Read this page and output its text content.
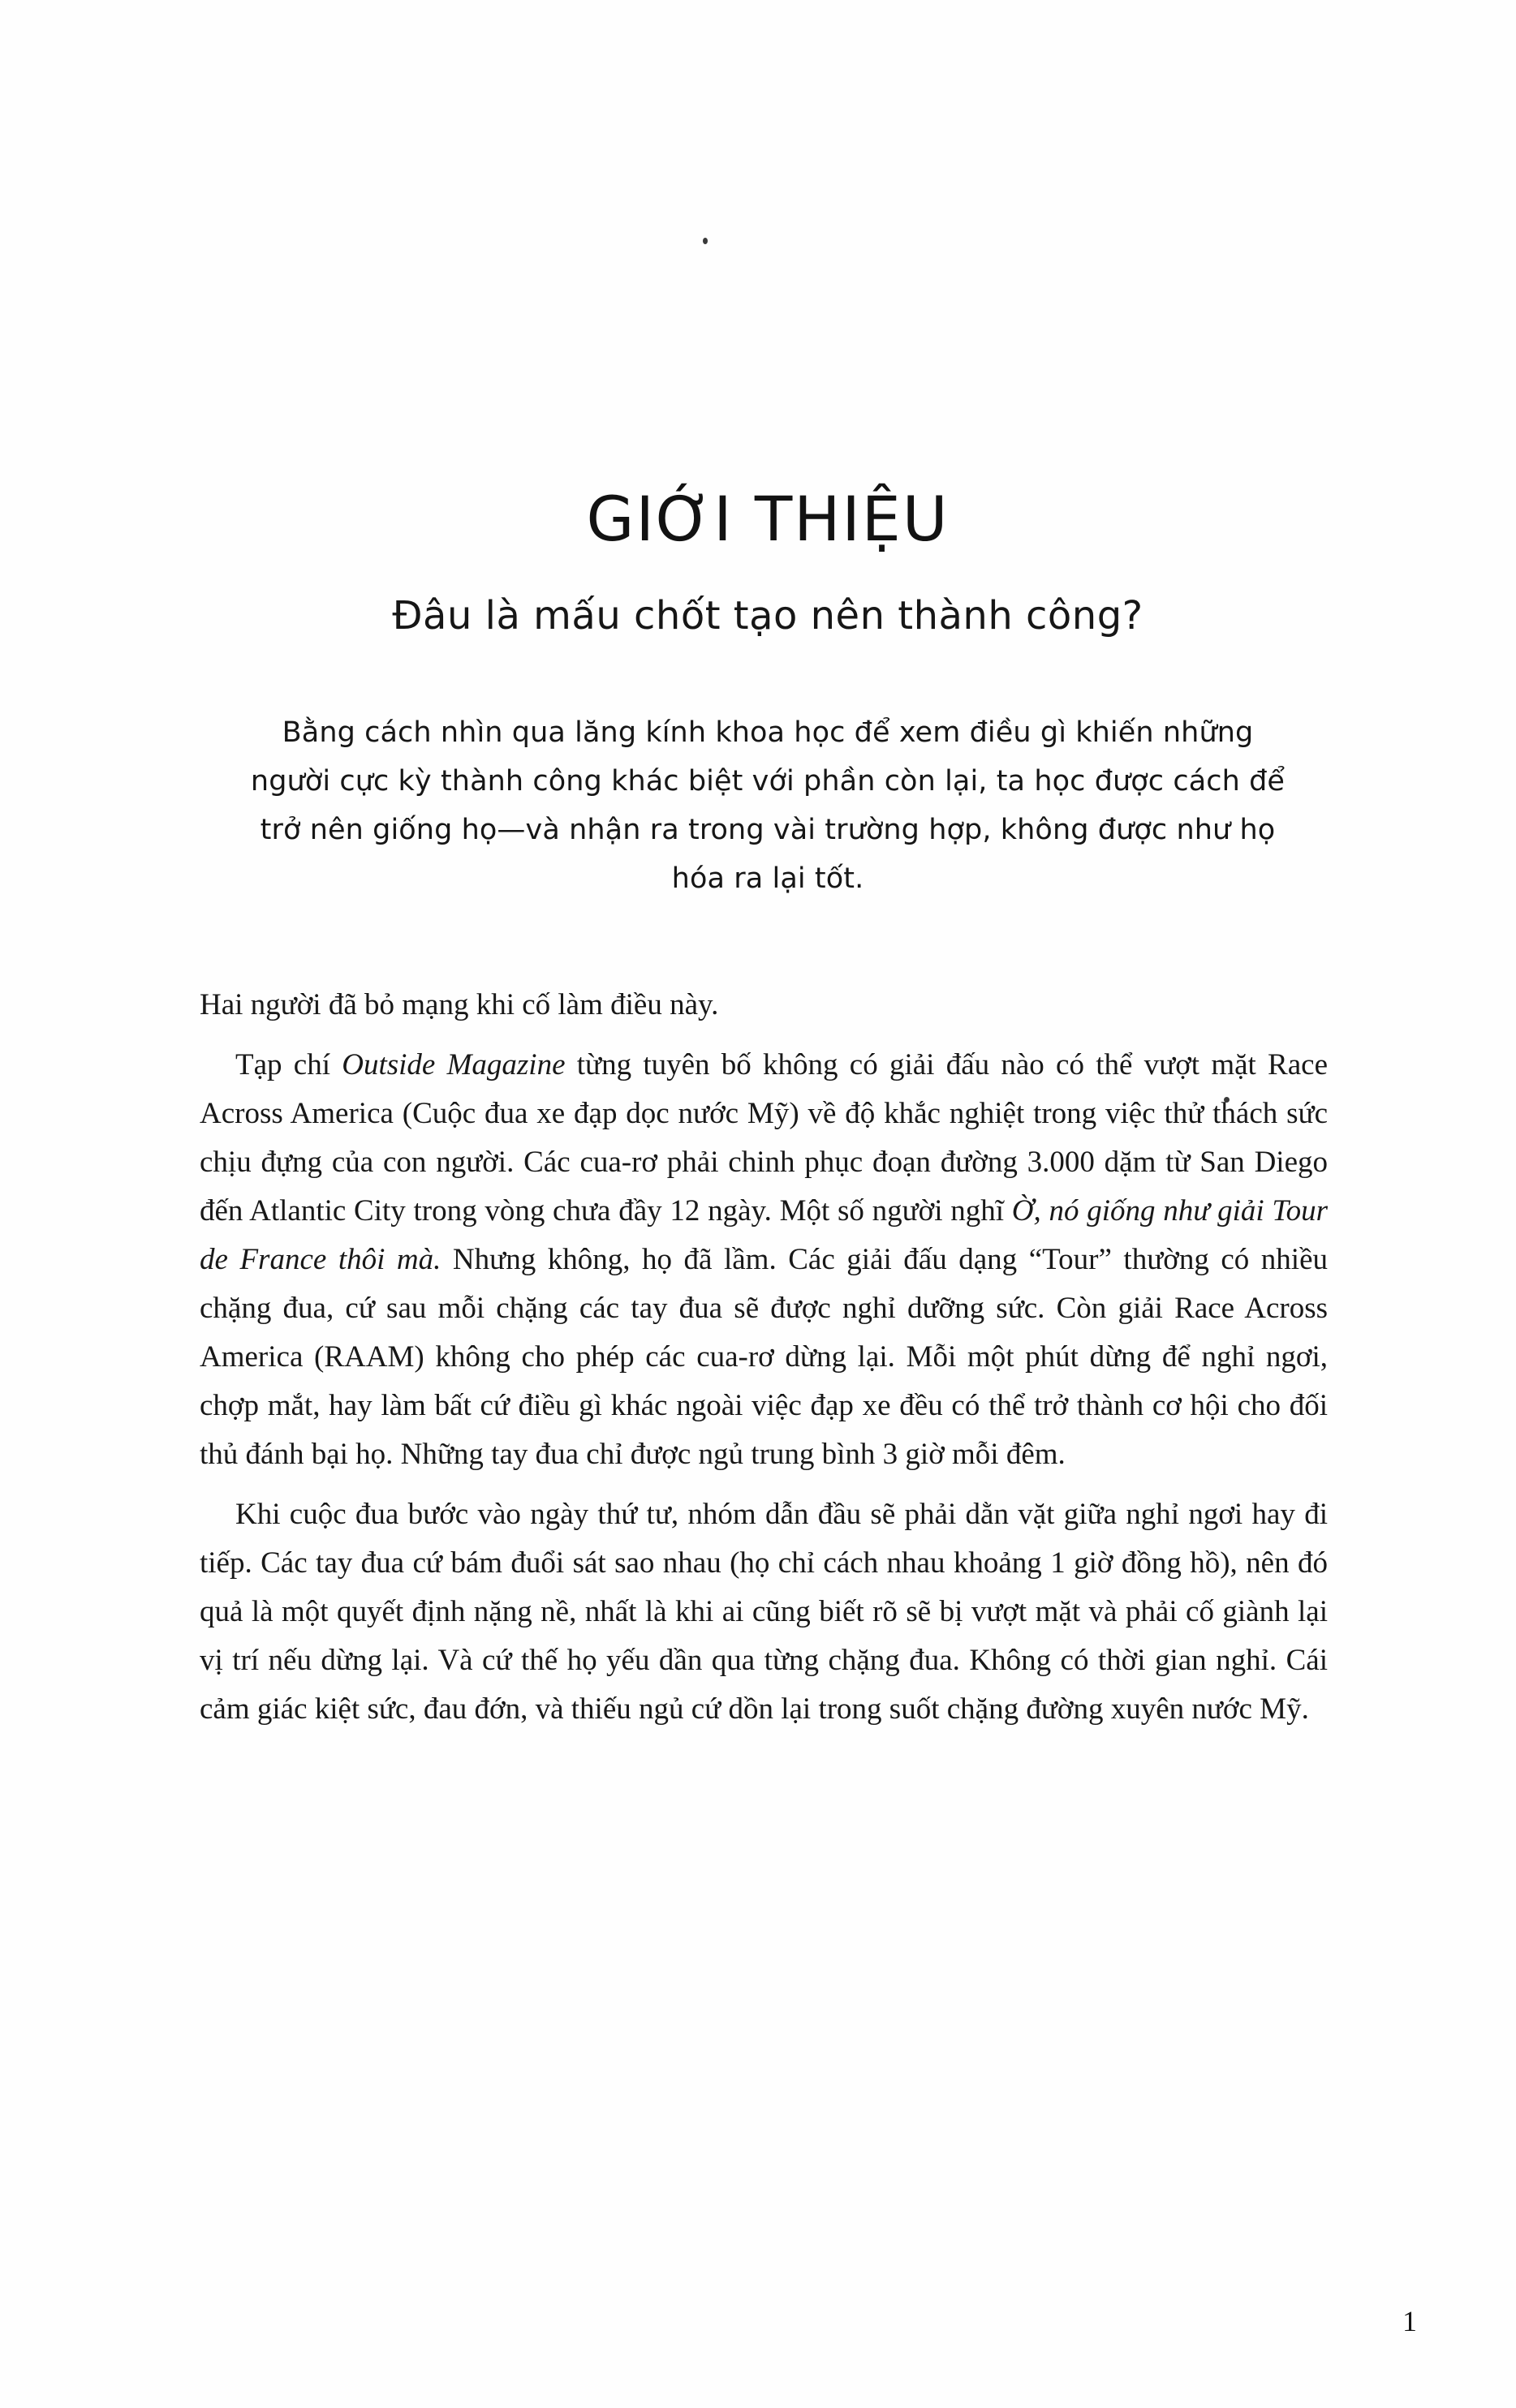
GIỚI THIỆU
Đâu là mấu chốt tạo nên thành công?

Bằng cách nhìn qua lăng kính khoa học để xem điều gì khiến những người cực kỳ thành công khác biệt với phần còn lại, ta học được cách để trở nên giống họ—và nhận ra trong vài trường hợp, không được như họ hóa ra lại tốt.

Hai người đã bỏ mạng khi cố làm điều này.

Tạp chí Outside Magazine từng tuyên bố không có giải đấu nào có thể vượt mặt Race Across America (Cuộc đua xe đạp dọc nước Mỹ) về độ khắc nghiệt trong việc thử thách sức chịu đựng của con người. Các cua-rơ phải chinh phục đoạn đường 3.000 dặm từ San Diego đến Atlantic City trong vòng chưa đầy 12 ngày. Một số người nghĩ Ờ, nó giống như giải Tour de France thôi mà. Nhưng không, họ đã lầm. Các giải đấu dạng “Tour” thường có nhiều chặng đua, cứ sau mỗi chặng các tay đua sẽ được nghỉ dưỡng sức. Còn giải Race Across America (RAAM) không cho phép các cua-rơ dừng lại. Mỗi một phút dừng để nghỉ ngơi, chợp mắt, hay làm bất cứ điều gì khác ngoài việc đạp xe đều có thể trở thành cơ hội cho đối thủ đánh bại họ. Những tay đua chỉ được ngủ trung bình 3 giờ mỗi đêm.

Khi cuộc đua bước vào ngày thứ tư, nhóm dẫn đầu sẽ phải dằn vặt giữa nghỉ ngơi hay đi tiếp. Các tay đua cứ bám đuổi sát sao nhau (họ chỉ cách nhau khoảng 1 giờ đồng hồ), nên đó quả là một quyết định nặng nề, nhất là khi ai cũng biết rõ sẽ bị vượt mặt và phải cố giành lại vị trí nếu dừng lại. Và cứ thế họ yếu dần qua từng chặng đua. Không có thời gian nghỉ. Cái cảm giác kiệt sức, đau đớn, và thiếu ngủ cứ dồn lại trong suốt chặng đường xuyên nước Mỹ.

1
